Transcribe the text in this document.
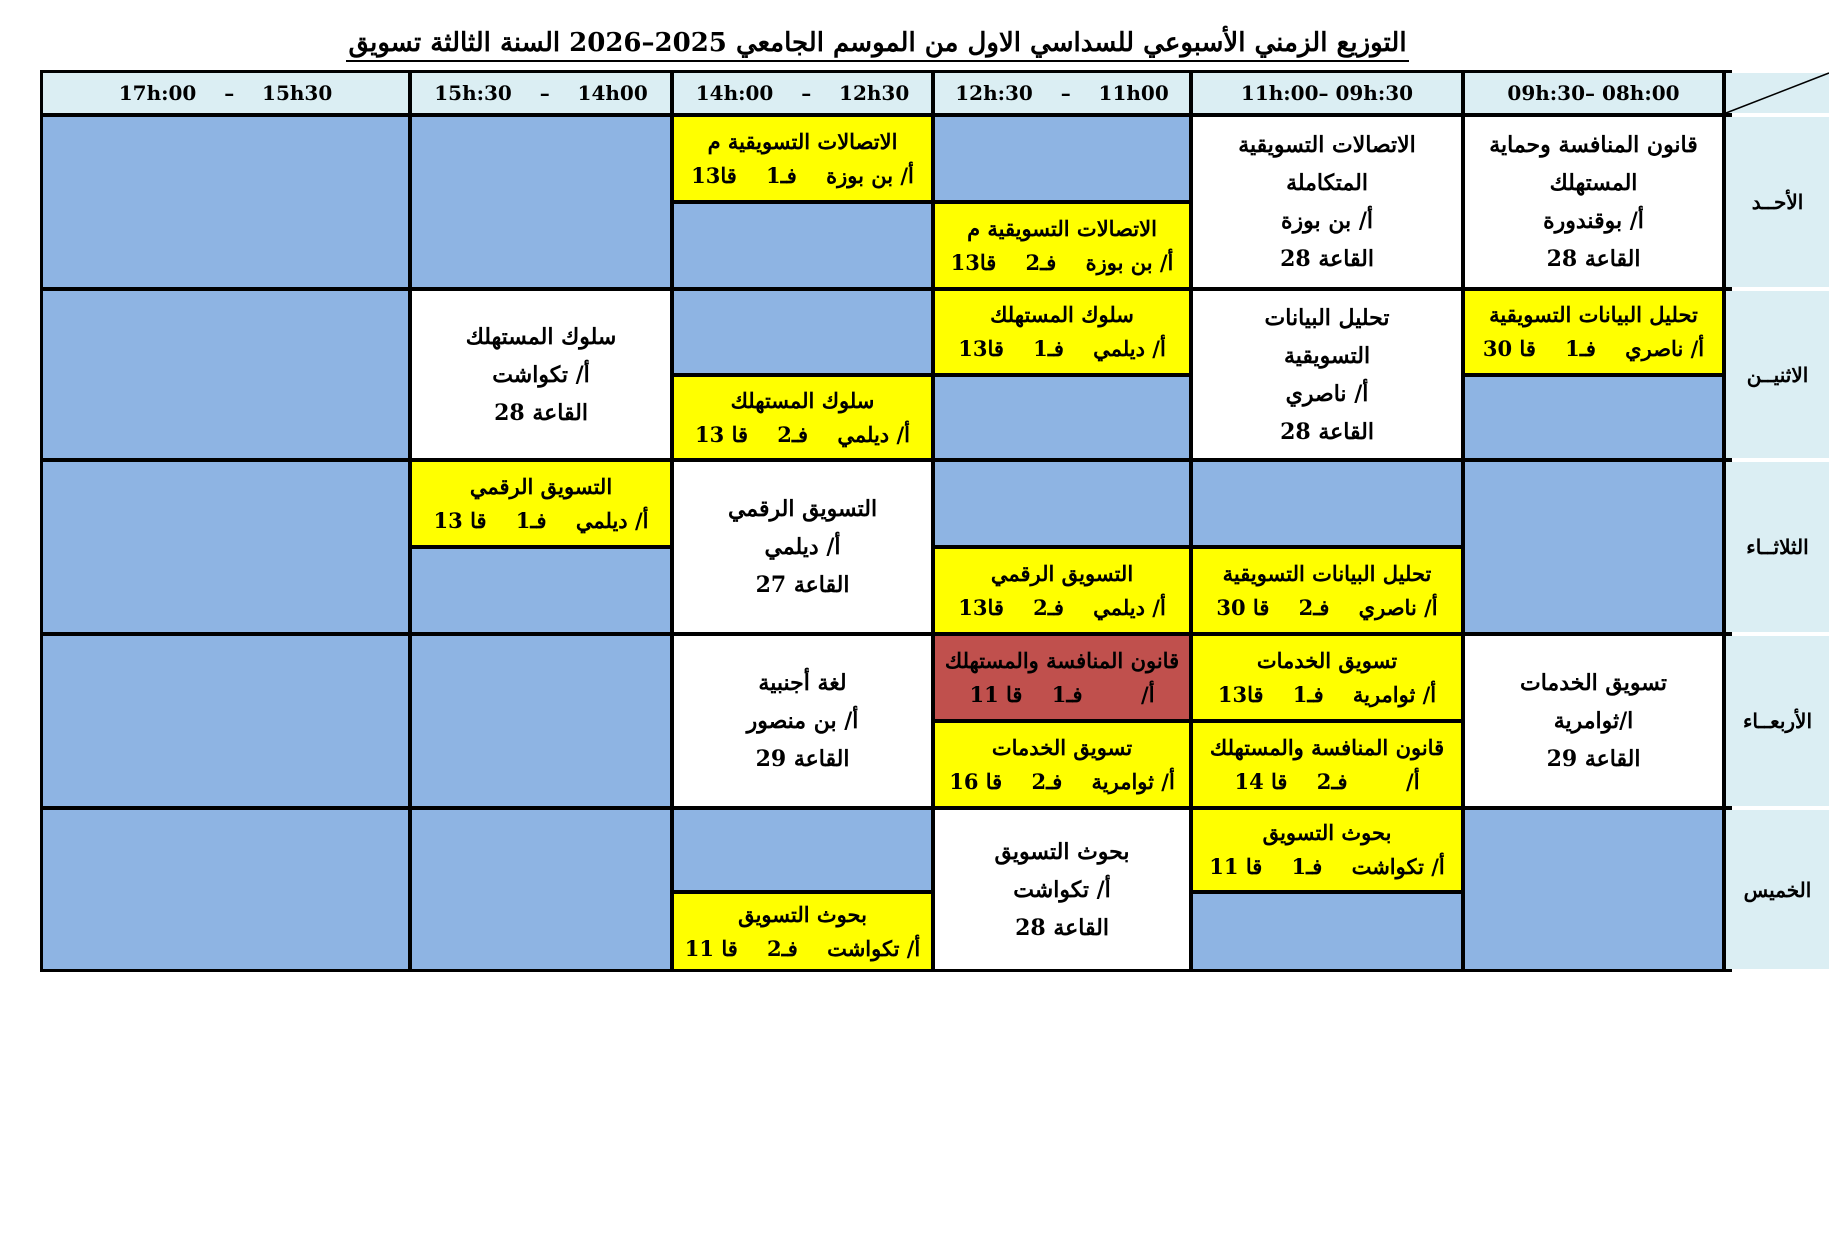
التوزيع الزمني الأسبوعي للسداسي الاول من الموسم الجامعي 2025–2026 السنة الثالثة تسويق
09h:30– 08h:00
11h:00– 09h:30
12h:30    –    11h00
14h:00    –    12h30
15h:30    –    14h00
17h:00    –    15h30
الأحــد
الاثنيــن
الثلاثــاء
الأربعــاء
الخميس
قانون المنافسة وحماية
المستهلك
أ/ بوقندورة
القاعة 28
الاتصالات التسويقية
المتكاملة
أ/ بن بوزة
القاعة 28
الاتصالات التسويقية م
أ/ بن بوزة    فـ2    قا13
الاتصالات التسويقية م
أ/ بن بوزة    فـ1    قا13
تحليل البيانات التسويقية
أ/ ناصري    فـ1    قا 30
تحليل البيانات
التسويقية
أ/ ناصري
القاعة 28
سلوك المستهلك
أ/ ديلمي    فـ1    قا13
سلوك المستهلك
أ/ ديلمي    فـ2    قا 13
سلوك المستهلك
أ/ تكواشت
القاعة 28
تحليل البيانات التسويقية
أ/ ناصري    فـ2    قا 30
التسويق الرقمي
أ/ ديلمي    فـ2    قا13
التسويق الرقمي
أ/ ديلمي
القاعة 27
التسويق الرقمي
أ/ ديلمي    فـ1    قا 13
تسويق الخدمات
ا/ثوامرية
القاعة 29
تسويق الخدمات
أ/ ثوامرية    فـ1    قا13
قانون المنافسة والمستهلك
أ/        فـ2    قا 14
قانون المنافسة والمستهلك
أ/        فـ1    قا 11
تسويق الخدمات
أ/ ثوامرية    فـ2    قا 16
لغة أجنبية
أ/ بن منصور
القاعة 29
بحوث التسويق
أ/ تكواشت    فـ1    قا 11
بحوث التسويق
أ/ تكواشت
القاعة 28
بحوث التسويق
أ/ تكواشت    فـ2    قا 11
